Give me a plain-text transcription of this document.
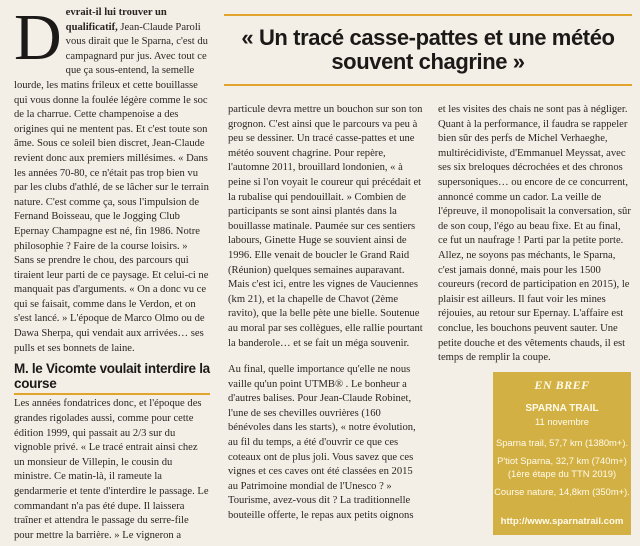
Devrait-il lui trouver un qualificatif, Jean-Claude Paroli vous dirait que le Sparna, c'est du campagnard pur jus. Avec tout ce que ça sous-entend, la semelle lourde, les matins frileux et cette bouillasse qui vous donne la foulée légère comme le soc de la charrue. Cette champenoise a des origines qui ne mentent pas. Et c'est toute son âme. Sous ce soleil bien discret, Jean-Claude revient donc aux premiers millésimes. « Dans les années 70-80, ce n'était pas trop bien vu par les clubs d'athlé, de se lâcher sur le terrain nature. C'est comme ça, sous l'impulsion de Fernand Boisseau, que le Jogging Club Epernay Champagne est né, fin 1986. Notre philosophie ? Faire de la course loisirs. » Sans se prendre le chou, des parcours qui tiraient leur parti de ce paysage. Et celui-ci ne manquait pas d'arguments. « On a donc vu ce qui se faisait, comme dans le Verdon, et on s'est lancé. » L'époque de Marco Olmo ou de Dawa Sherpa, qui vendait aux arrivées… ses pulls et ses bonnets de laine.

M. le Vicomte voulait interdire la course

Les années fondatrices donc, et l'époque des grandes rigolades aussi, comme pour cette édition 1999, qui passait au 2/3 sur du vignoble privé. « Le tracé entrait ainsi chez un monsieur de Villepin, le cousin du ministre. Ce matin-là, il rameute la gendarmerie et tente d'interdire le passage. Le commandant n'a pas été dupe. Il laissera traîner et attendra le passage du serre-file pour mettre la barrière. » Le vigneron a

« Un tracé casse-pattes et une météo souvent chagrine »

particule devra mettre un bouchon sur son ton grognon. C'est ainsi que le parcours va peu à peu se dessiner. Un tracé casse-pattes et une météo souvent chagrine. Pour repère, l'automne 2011, brouillard londonien, « à peine si l'on voyait le coureur qui précédait et la rubalise qui pendouillait. » Combien de participants se sont ainsi plantés dans la bouillasse matinale. Paumée sur ces sentiers labours, Ginette Huge se souvient ainsi de 1996. Elle venait de boucler le Grand Raid (Réunion) quelques semaines auparavant. Mais c'est ici, entre les vignes de Vauciennes (km 21), et la chapelle de Chavot (2ème ravito), que la belle pète une bielle. Soutenue au moral par ses collègues, elle rallie pourtant la banderole… et se fait un méga souvenir.

Au final, quelle importance qu'elle ne nous vaille qu'un point UTMB® . Le bonheur a d'autres balises. Pour Jean-Claude Robinet, l'une de ses chevilles ouvrières (160 bénévoles dans les starts), « notre évolution, au fil du temps, a été d'ouvrir ce que ces coteaux ont de plus joli. Vous savez que ces vignes et ces caves ont été classées en 2015 au Patrimoine mondial de l'Unesco ? » Tourisme, avez-vous dit ? La traditionnelle bouteille offerte, le repas aux petits oignons

et les visites des chais ne sont pas à négliger. Quant à la performance, il faudra se rappeler bien sûr des perfs de Michel Verhaeghe, multirécidiviste, d'Emmanuel Meyssat, avec ses six breloques décrochées et des chronos supersoniques… ou encore de ce concurrent, annoncé comme un cador. La veille de l'épreuve, il monopolisait la conversation, sûr de son coup, l'égo au beau fixe. Et au final, ce fut un naufrage ! Parti par la petite porte. Allez, ne soyons pas méchants, le Sparna, c'est jamais donné, mais pour les 1500 coureurs (record de participation en 2015), le plaisir est ailleurs. Il faut voir les mines réjouies, au retour sur Epernay. L'affaire est conclue, les bouchons peuvent sauter. Une petite douche et des vêtements chauds, il est temps de remplir la coupe.

EN BREF
SPARNA TRAIL
11 novembre
Sparna trail, 57,7 km (1380m+).
P'tiot Sparna, 32,7 km (740m+) (1ère étape du TTN 2019)
Course nature, 14,8km (350m+).
http://www.sparnatrail.com
